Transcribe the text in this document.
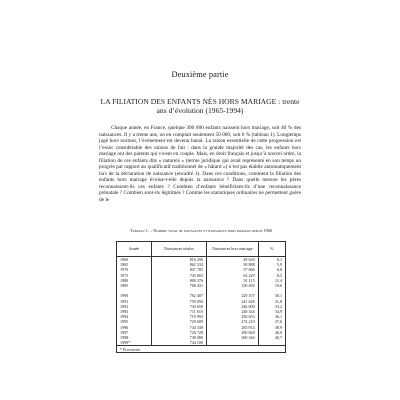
Deuxième partie
LA FILIATION DES ENFANTS NÉS HORS MARIAGE : trente ans d’évolution (1965-1994)

Chaque année, en France, quelque 300 000 enfants naissent hors mariage, soit 40 % des naissances. Il y a trente ans, on en comptait seulement 50 000, soit 6 % (tableau 1). Longtemps jugé hors normes, l’événement est devenu banal. La raison essentielle de cette progression est l’essor considérable des unions de fait : dans la grande majorité des cas, les enfants hors mariage ont des parents qui vivent en couple. Mais, en droit français et jusqu’à nouvel ordre, la filiation de ces enfants dits « naturels » (terme juridique qui avait représenté en son temps un progrès par rapport au qualificatif traditionnel de « bâtard ») n’est pas établie automatiquement lors de la déclaration de naissance (encadré 1). Dans ces conditions, comment la filiation des enfants hors mariage évolue-t-elle depuis la naissance ? Dans quelle mesure les pères reconnaissent-ils ces enfants ? Combien d’enfants bénéficient-ils d’une reconnaissance prénatale ? Combien sont-ils légitimés ? Comme les statistiques ordinaires ne permettent guère de le

Tableau 1. – Nombre total de naissances et naissances hors mariage depuis 1960
Année	Naissances totales	Naissances hors mariage	%
1960	816 296	49 630	6,1
1965	862 333	50 888	5,9
1970	847 785	57 666	6,8
1975	745 065	63 429	8,5
1980	800 376	91 115	11,4
1985	768 431	150 492	19,6

1990	762 407	229 107	30,1
1991	759 056	241 626	31,8
1992	743 658	246 000	33,2
1993	711 610	248 334	34,9
1994	710 993	256 653	36,1
1995	729 609	274 210	37,6
1996	734 338	285 914	38,9
1997	726 728	290 848	40,0
1998	738 080	300 346	40,7
1999*	744 100		
* Provisoire.			
